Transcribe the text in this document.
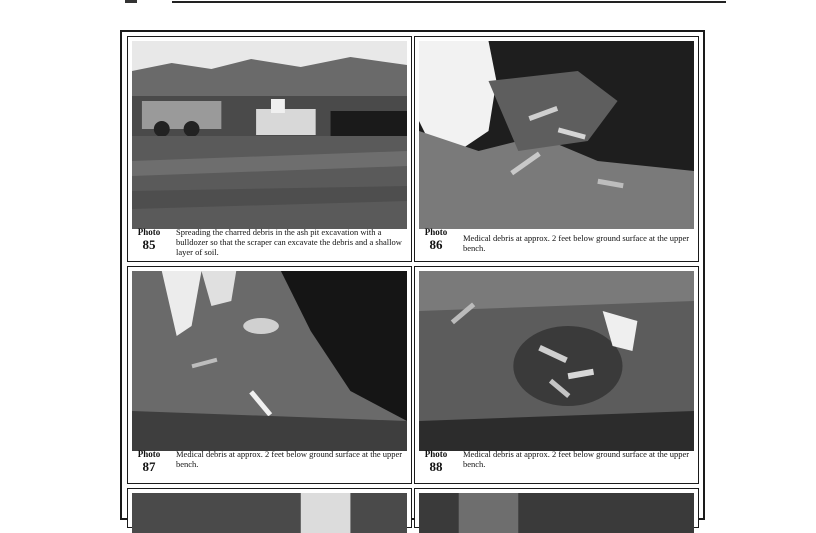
Photo
85
Spreading the charred debris in the ash pit excavation with a bulldozer so that the scraper can excavate the debris and a shallow layer of soil.
Photo
86	Medical debris at approx. 2 feet below ground surface at the upper bench.
Photo
87
Medical debris at approx. 2 feet below ground surface at the upper bench.
Photo
88
Medical debris at approx. 2 feet below ground surface at the upper bench.
